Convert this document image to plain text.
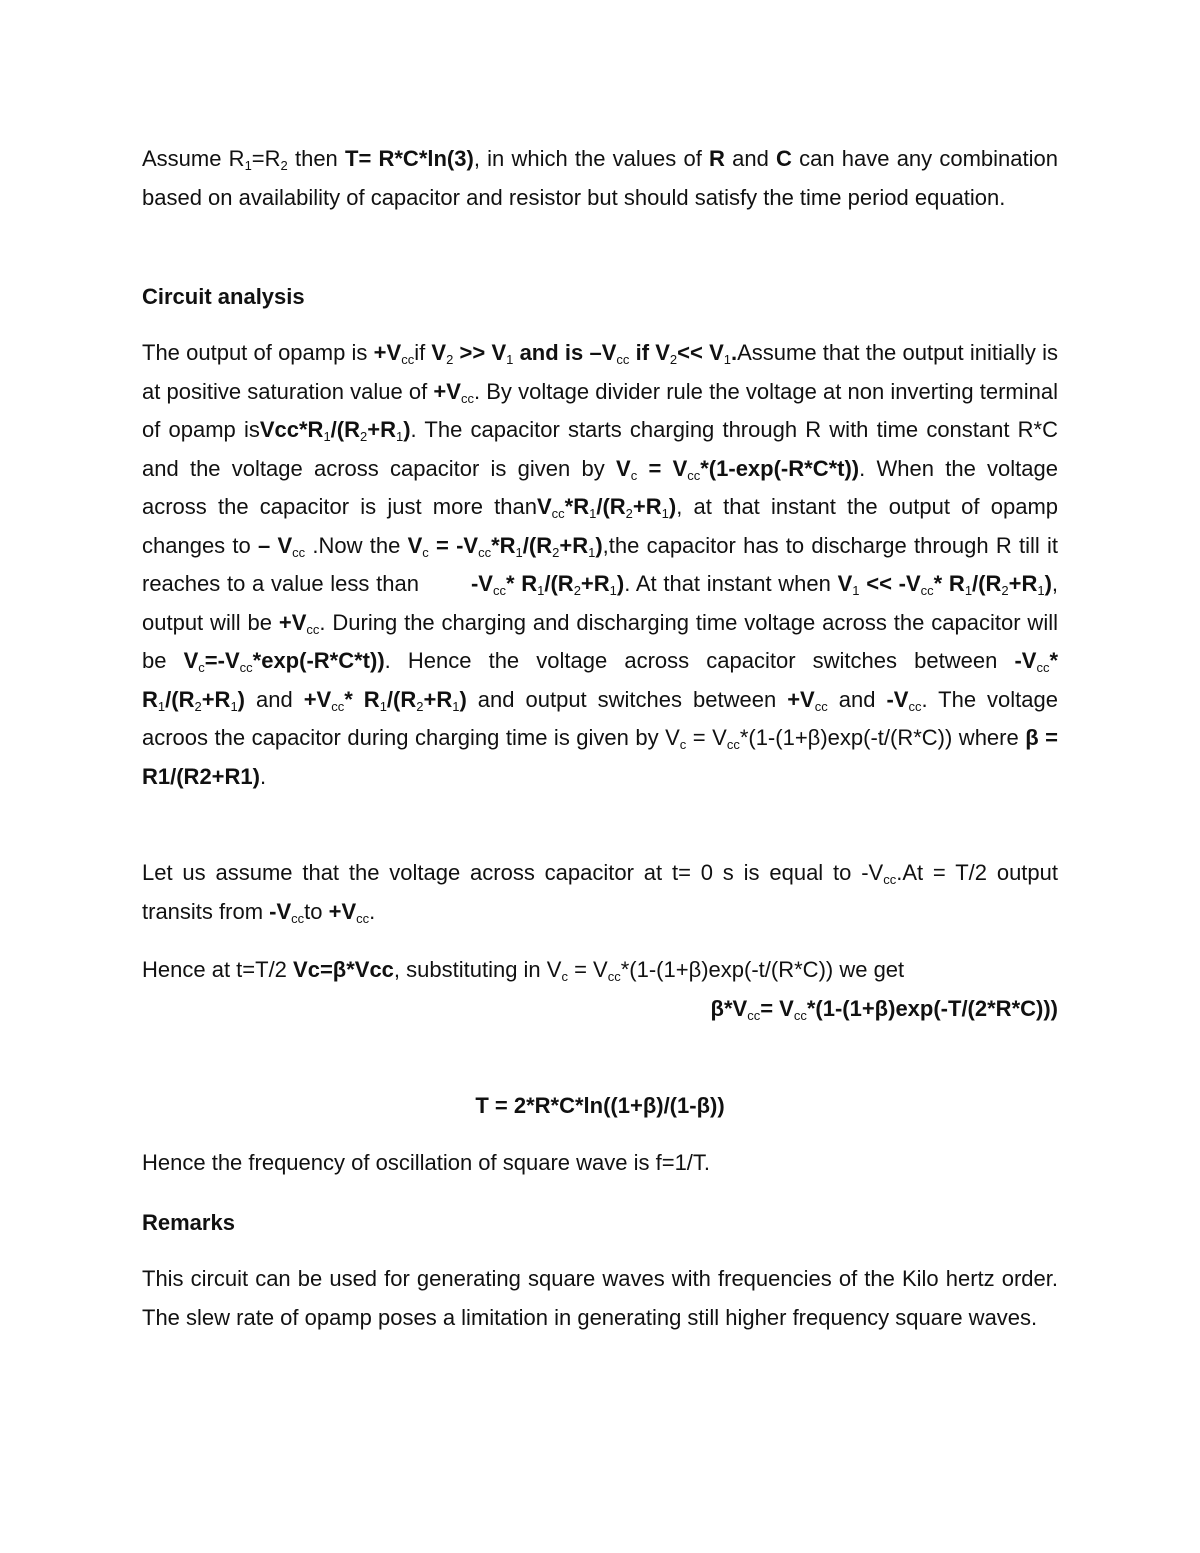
Assume $R_1=R_2$ then T= R*C*ln(3), in which the values of R and C can have any combination based on availability of capacitor and resistor but should satisfy the time period equation.

Circuit analysis

The output of opamp is $+V_{cc}if$ $V_2 >> V_1$ and is $-V_{cc}$ if $V_2<<$ $V_1.Assume$ that the output initially is at positive saturation value of $+V_{cc}$. By voltage divider rule the voltage at non inverting terminal of opamp $isVcc*R_1/(R_2+R_1)$. The capacitor starts charging through R with time constant R*C and the voltage across capacitor is given by $V_c = V_{cc}*(1-\exp(-R*C*t))$. When the voltage across the capacitor is just more $thanV_{cc}*R_1/(R_2+R_1)$, at that instant the output of opamp changes to – $V_{cc}$ .Now the $V_c = -V_{cc}*R_1/(R_2+R_1),the$ capacitor has to discharge through R till it reaches to a value less than $-V_{cc}*$ $R_1/(R_2+R_1)$. At that instant when $V_1 << -V_{cc}*$ $R_1/(R_2+R_1)$, output will be $+V_{cc}$. During the charging and discharging time voltage across the capacitor will be $V_c=-V_{cc}*\exp(-R*C*t)$). Hence the voltage across capacitor switches between $-V_{cc}*$ $R_1/(R_2+R_1)$ and $+V_{cc}*$ $R_1/(R_2+R_1)$ and output switches between $+V_{cc}$ and $-V_{cc}$. The voltage acroos the capacitor during charging time is given by $V_c = V_{cc}*(1-(1+\beta)\exp(-t/(R*C))$ where β = R1/(R2+R1).

Let us assume that the voltage across capacitor at t= 0 s is equal to $-V_{cc}.At = T/2$ output transits from $-V_{cc}to +V_{cc}$.

Hence at t=T/2 Vc=β*Vcc, substituting in $V_c = V_{cc}*(1-(1+\beta)\exp(-t/(R*C))$ we get

$\beta*V_{cc}= V_{cc}*(1-(1+\beta)\exp(-T/(2*R*C)))$

T = 2*R*C*ln((1+β)/(1-β))

Hence the frequency of oscillation of square wave is f=1/T.

Remarks

This circuit can be used for generating square waves with frequencies of the Kilo hertz order. The slew rate of opamp poses a limitation in generating still higher frequency square waves.
